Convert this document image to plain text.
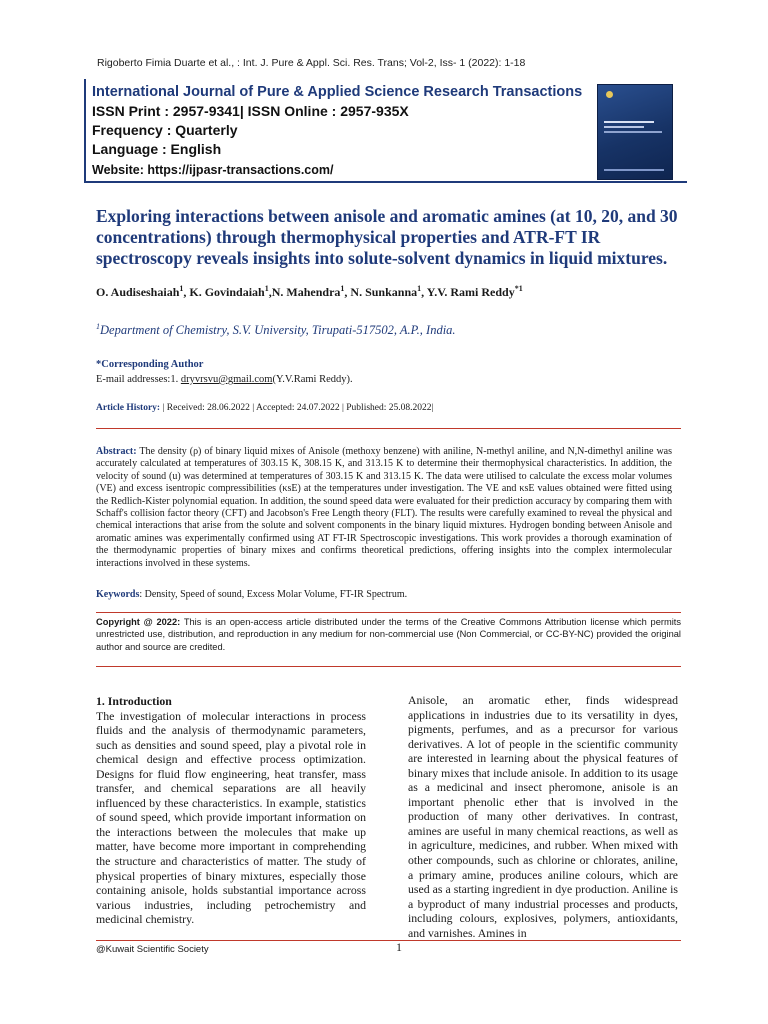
Rigoberto Fimia Duarte et al., : Int. J. Pure & Appl. Sci. Res. Trans; Vol-2, Iss- 1 (2022): 1-18
International Journal of Pure & Applied Science Research Transactions
ISSN Print : 2957-9341| ISSN Online : 2957-935X
Frequency : Quarterly
Language : English
Website: https://ijpasr-transactions.com/
Exploring interactions between anisole and aromatic amines (at 10, 20, and 30 concentrations) through thermophysical properties and ATR-FT IR spectroscopy reveals insights into solute-solvent dynamics in liquid mixtures.
O. Audiseshaiah$^1$, K. Govindaiah$^1$,N. Mahendra$^1$, N. Sunkanna$^1$, Y.V. Rami Reddy$^{*1}$
$^1$Department of Chemistry, S.V. University, Tirupati-517502, A.P., India.
*Corresponding Author
E-mail addresses:1. dryvrsvu@gmail.com(Y.V.Rami Reddy).
Article History: | Received: 28.06.2022 | Accepted: 24.07.2022 | Published: 25.08.2022|
Abstract: The density (ρ) of binary liquid mixes of Anisole (methoxy benzene) with aniline, N-methyl aniline, and N,N-dimethyl aniline was accurately calculated at temperatures of 303.15 K, 308.15 K, and 313.15 K to determine their thermophysical characteristics. In addition, the velocity of sound (u) was determined at temperatures of 303.15 K and 313.15 K. The data were utilised to calculate the excess molar volumes (VE) and excess isentropic compressibilities (κsE) at the temperatures under investigation. The VE and κsE values obtained were fitted using the Redlich-Kister polynomial equation. In addition, the sound speed data were evaluated for their prediction accuracy by comparing them with Schaff's collision factor theory (CFT) and Jacobson's Free Length theory (FLT). The results were carefully examined to reveal the physical and chemical interactions that arise from the solute and solvent components in the binary liquid mixtures. Hydrogen bonding between Anisole and aromatic amines was experimentally confirmed using AT FT-IR Spectroscopic investigations. This work provides a thorough examination of the thermodynamic properties of binary mixes and confirms theoretical predictions, offering insights into the complex intermolecular interactions involved in these systems.
Keywords: Density, Speed of sound, Excess Molar Volume, FT-IR Spectrum.
Copyright @ 2022: This is an open-access article distributed under the terms of the Creative Commons Attribution license which permits unrestricted use, distribution, and reproduction in any medium for non-commercial use (Non Commercial, or CC-BY-NC) provided the original author and source are credited.
1. Introduction
The investigation of molecular interactions in process fluids and the analysis of thermodynamic parameters, such as densities and sound speed, play a pivotal role in chemical design and effective process optimization. Designs for fluid flow engineering, heat transfer, mass transfer, and chemical separations are all heavily influenced by these characteristics. In example, statistics of sound speed, which provide important information on the interactions between the molecules that make up matter, have become more important in comprehending the structure and characteristics of matter. The study of physical properties of binary mixtures, especially those containing anisole, holds substantial importance across various industries, including petrochemistry and medicinal chemistry.
Anisole, an aromatic ether, finds widespread applications in industries due to its versatility in dyes, pigments, perfumes, and as a precursor for various derivatives. A lot of people in the scientific community are interested in learning about the physical features of binary mixes that include anisole. In addition to its usage as a medicinal and insect pheromone, anisole is an important phenolic ether that is involved in the production of many other derivatives. In contrast, amines are useful in many chemical reactions, as well as in agriculture, medicines, and rubber. When mixed with other compounds, such as chlorine or chlorates, aniline, a primary amine, produces aniline colours, which are used as a starting ingredient in dye production. Aniline is a byproduct of many industrial processes and products, including colours, explosives, polymers, antioxidants, and varnishes. Amines in
@Kuwait Scientific Society	1
